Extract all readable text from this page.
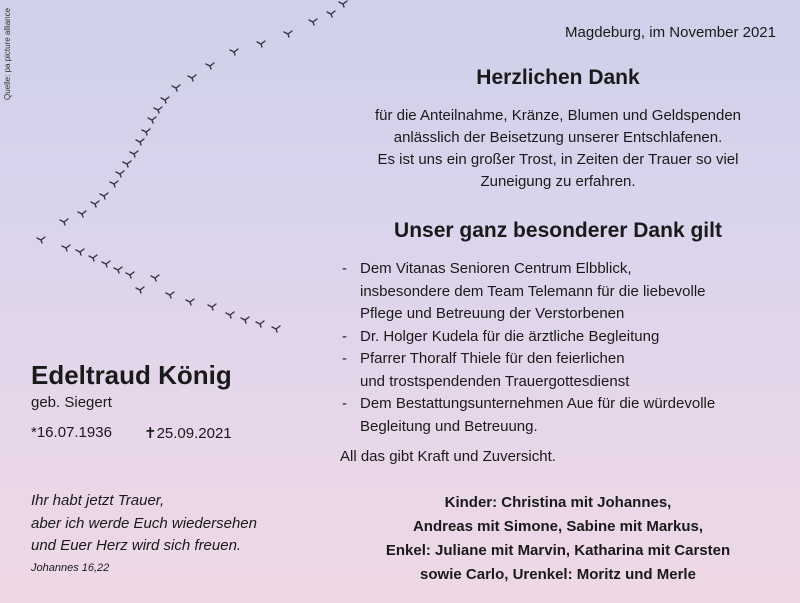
Quelle: pa picture alliance	Magdeburg, im November 2021
Herzlichen Dank
für die Anteilnahme, Kränze, Blumen und Geldspenden
anlässlich der Beisetzung unserer Entschlafenen.
Es ist uns ein großer Trost, in Zeiten der Trauer so viel
Zuneigung zu erfahren.
Unser ganz besonderer Dank gilt
- Dem Vitanas Senioren Centrum Elbblick,
insbesondere dem Team Telemann für die liebevolle
Pflege und Betreuung der Verstorbenen
- Dr. Holger Kudela für die ärztliche Begleitung
- Pfarrer Thoralf Thiele für den feierlichen
und trostspendenden Trauergottesdienst
- Dem Bestattungsunternehmen Aue für die würdevolle
Begleitung und Betreuung.
All das gibt Kraft und Zuversicht.
Kinder: Christina mit Johannes,
Andreas mit Simone, Sabine mit Markus,
Enkel: Juliane mit Marvin, Katharina mit Carsten
sowie Carlo, Urenkel: Moritz und Merle
Edeltraud König
geb. Siegert
*16.07.1936 ✝25.09.2021
Ihr habt jetzt Trauer,
aber ich werde Euch wiedersehen
und Euer Herz wird sich freuen.
Johannes 16,22
